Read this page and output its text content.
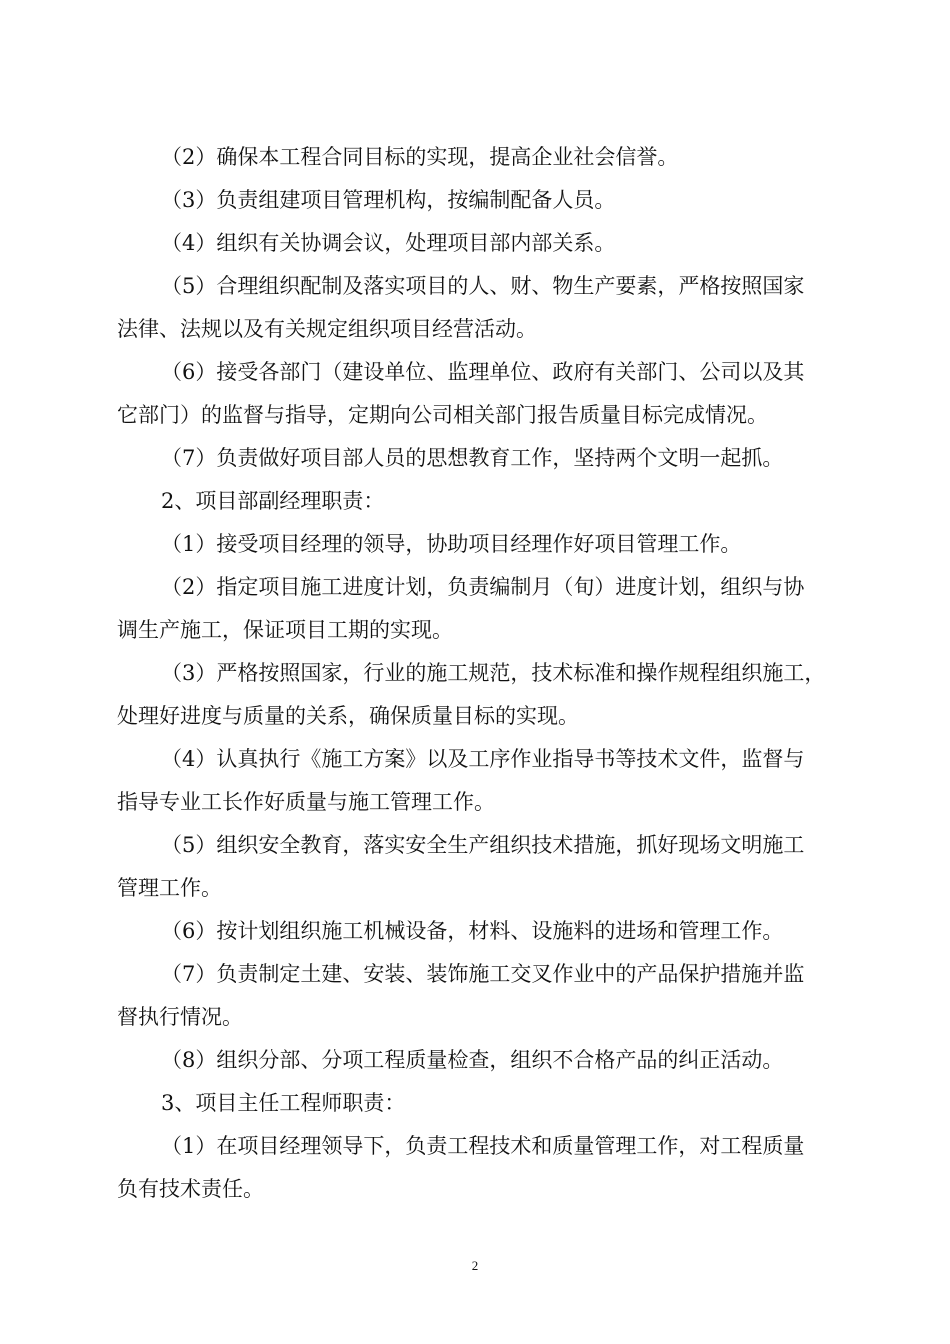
（2）确保本工程合同目标的实现，提高企业社会信誉。

（3）负责组建项目管理机构，按编制配备人员。

（4）组织有关协调会议，处理项目部内部关系。

（5）合理组织配制及落实项目的人、财、物生产要素，严格按照国家
法律、法规以及有关规定组织项目经营活动。

（6）接受各部门（建设单位、监理单位、政府有关部门、公司以及其
它部门）的监督与指导，定期向公司相关部门报告质量目标完成情况。

（7）负责做好项目部人员的思想教育工作，坚持两个文明一起抓。

2、项目部副经理职责：

（1）接受项目经理的领导，协助项目经理作好项目管理工作。

（2）指定项目施工进度计划，负责编制月（旬）进度计划，组织与协
调生产施工，保证项目工期的实现。

（3）严格按照国家，行业的施工规范，技术标准和操作规程组织施工，
处理好进度与质量的关系，确保质量目标的实现。

（4）认真执行《施工方案》以及工序作业指导书等技术文件，监督与
指导专业工长作好质量与施工管理工作。

（5）组织安全教育，落实安全生产组织技术措施，抓好现场文明施工
管理工作。

（6）按计划组织施工机械设备，材料、设施料的进场和管理工作。

（7）负责制定土建、安装、装饰施工交叉作业中的产品保护措施并监
督执行情况。

（8）组织分部、分项工程质量检查，组织不合格产品的纠正活动。

3、项目主任工程师职责：

（1）在项目经理领导下，负责工程技术和质量管理工作，对工程质量
负有技术责任。

2
